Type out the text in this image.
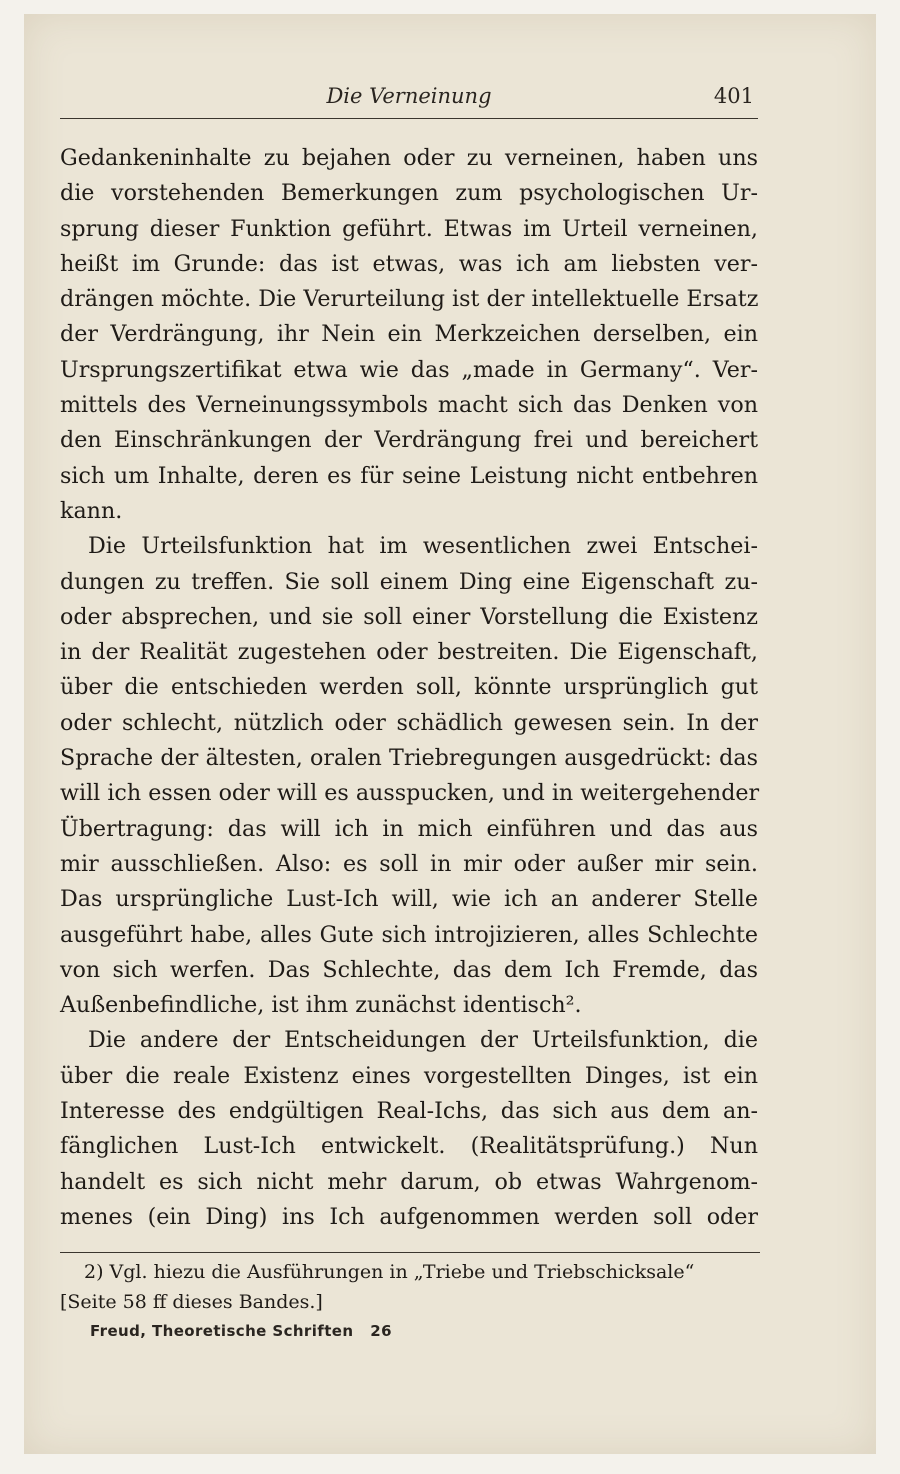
Die Verneinung	401
Gedankeninhalte zu bejahen oder zu verneinen, haben uns
die vorstehenden Bemerkungen zum psychologischen Ur-
sprung dieser Funktion geführt. Etwas im Urteil verneinen,
heißt im Grunde: das ist etwas, was ich am liebsten ver-
drängen möchte. Die Verurteilung ist der intellektuelle Ersatz
der Verdrängung, ihr Nein ein Merkzeichen derselben, ein
Ursprungszertifikat etwa wie das „made in Germany“. Ver-
mittels des Verneinungssymbols macht sich das Denken von
den Einschränkungen der Verdrängung frei und bereichert
sich um Inhalte, deren es für seine Leistung nicht entbehren
kann.
Die Urteilsfunktion hat im wesentlichen zwei Entschei-
dungen zu treffen. Sie soll einem Ding eine Eigenschaft zu-
oder absprechen, und sie soll einer Vorstellung die Existenz
in der Realität zugestehen oder bestreiten. Die Eigenschaft,
über die entschieden werden soll, könnte ursprünglich gut
oder schlecht, nützlich oder schädlich gewesen sein. In der
Sprache der ältesten, oralen Triebregungen ausgedrückt: das
will ich essen oder will es ausspucken, und in weitergehender
Übertragung: das will ich in mich einführen und das aus
mir ausschließen. Also: es soll in mir oder außer mir sein.
Das ursprüngliche Lust-Ich will, wie ich an anderer Stelle
ausgeführt habe, alles Gute sich introjizieren, alles Schlechte
von sich werfen. Das Schlechte, das dem Ich Fremde, das
Außenbefindliche, ist ihm zunächst identisch².
Die andere der Entscheidungen der Urteilsfunktion, die
über die reale Existenz eines vorgestellten Dinges, ist ein
Interesse des endgültigen Real-Ichs, das sich aus dem an-
fänglichen Lust-Ich entwickelt. (Realitätsprüfung.) Nun
handelt es sich nicht mehr darum, ob etwas Wahrgenom-
menes (ein Ding) ins Ich aufgenommen werden soll oder
2) Vgl. hiezu die Ausführungen in „Triebe und Triebschicksale“
[Seite 58 ff dieses Bandes.]
Freud, Theoretische Schriften   26
